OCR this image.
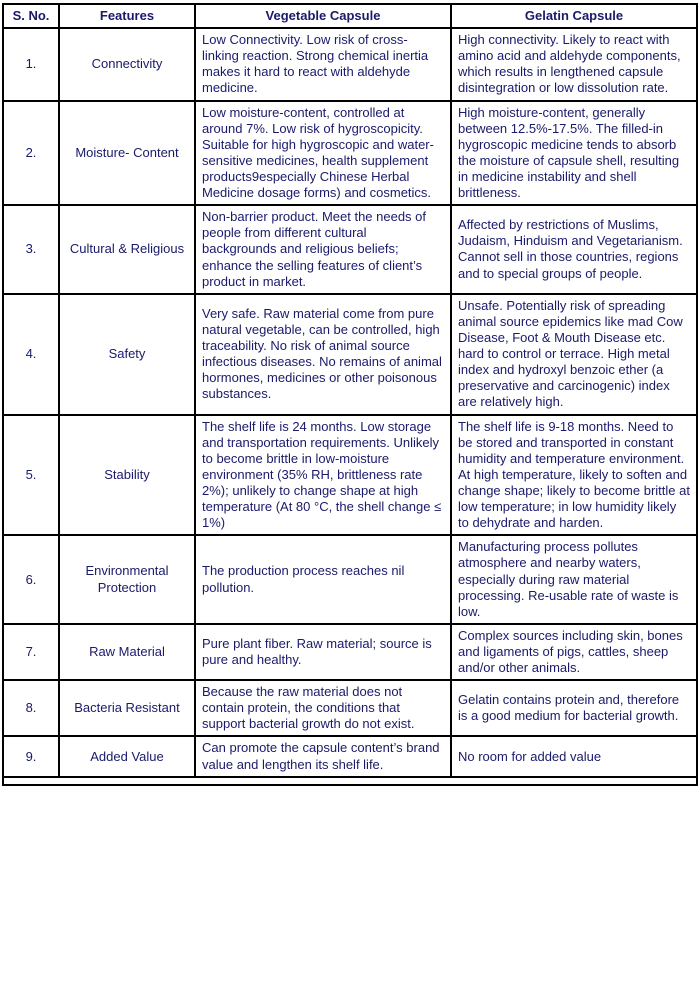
S. No.	Features	Vegetable Capsule	Gelatin Capsule
1.	Connectivity	Low Connectivity. Low risk of cross-linking reaction. Strong chemical inertia makes it hard to react with aldehyde medicine.	High connectivity. Likely to react with amino acid and aldehyde components, which results in lengthened capsule disintegration or low dissolution rate.
2.	Moisture- Content	Low moisture-content, controlled at around 7%. Low risk of hygroscopicity. Suitable for high hygroscopic and water-sensitive medicines, health supplement products9especially Chinese Herbal Medicine dosage forms) and cosmetics.	High moisture-content, generally between 12.5%-17.5%. The filled-in hygroscopic medicine tends to absorb the moisture of capsule shell, resulting in medicine instability and shell brittleness.
3.	Cultural & Religious	Non-barrier product. Meet the needs of people from different cultural backgrounds and religious beliefs; enhance the selling features of client’s product in market.	Affected by restrictions of Muslims, Judaism, Hinduism and Vegetarianism. Cannot sell in those countries, regions and to special groups of people.
4.	Safety	Very safe. Raw material come from pure natural vegetable, can be controlled, high traceability. No risk of animal source infectious diseases. No remains of animal hormones, medicines or other poisonous substances.	Unsafe. Potentially risk of spreading animal source epidemics like mad Cow Disease, Foot & Mouth Disease etc. hard to control or terrace. High metal index and hydroxyl benzoic ether (a preservative and carcinogenic) index are relatively high.
5.	Stability	The shelf life is 24 months. Low storage and transportation requirements. Unlikely to become brittle in low-moisture environment (35% RH, brittleness rate 2%); unlikely to change shape at high temperature (At 80 °C, the shell change ≤ 1%)	The shelf life is 9-18 months. Need to be stored and transported in constant humidity and temperature environment. At high temperature, likely to soften and change shape; likely to become brittle at low temperature; in low humidity likely to dehydrate and harden.
6.	Environmental Protection	The production process reaches nil pollution.	Manufacturing process pollutes atmosphere and nearby waters, especially during raw material processing. Re-usable rate of waste is low.
7.	Raw Material	Pure plant fiber. Raw material; source is pure and healthy.	Complex sources including skin, bones and ligaments of pigs, cattles, sheep and/or other animals.
8.	Bacteria Resistant	Because the raw material does not contain protein, the conditions that support bacterial growth do not exist.	Gelatin contains protein and, therefore is a good medium for bacterial growth.
9.	Added Value	Can promote the capsule content’s brand value and lengthen its shelf life.	No room for added value
